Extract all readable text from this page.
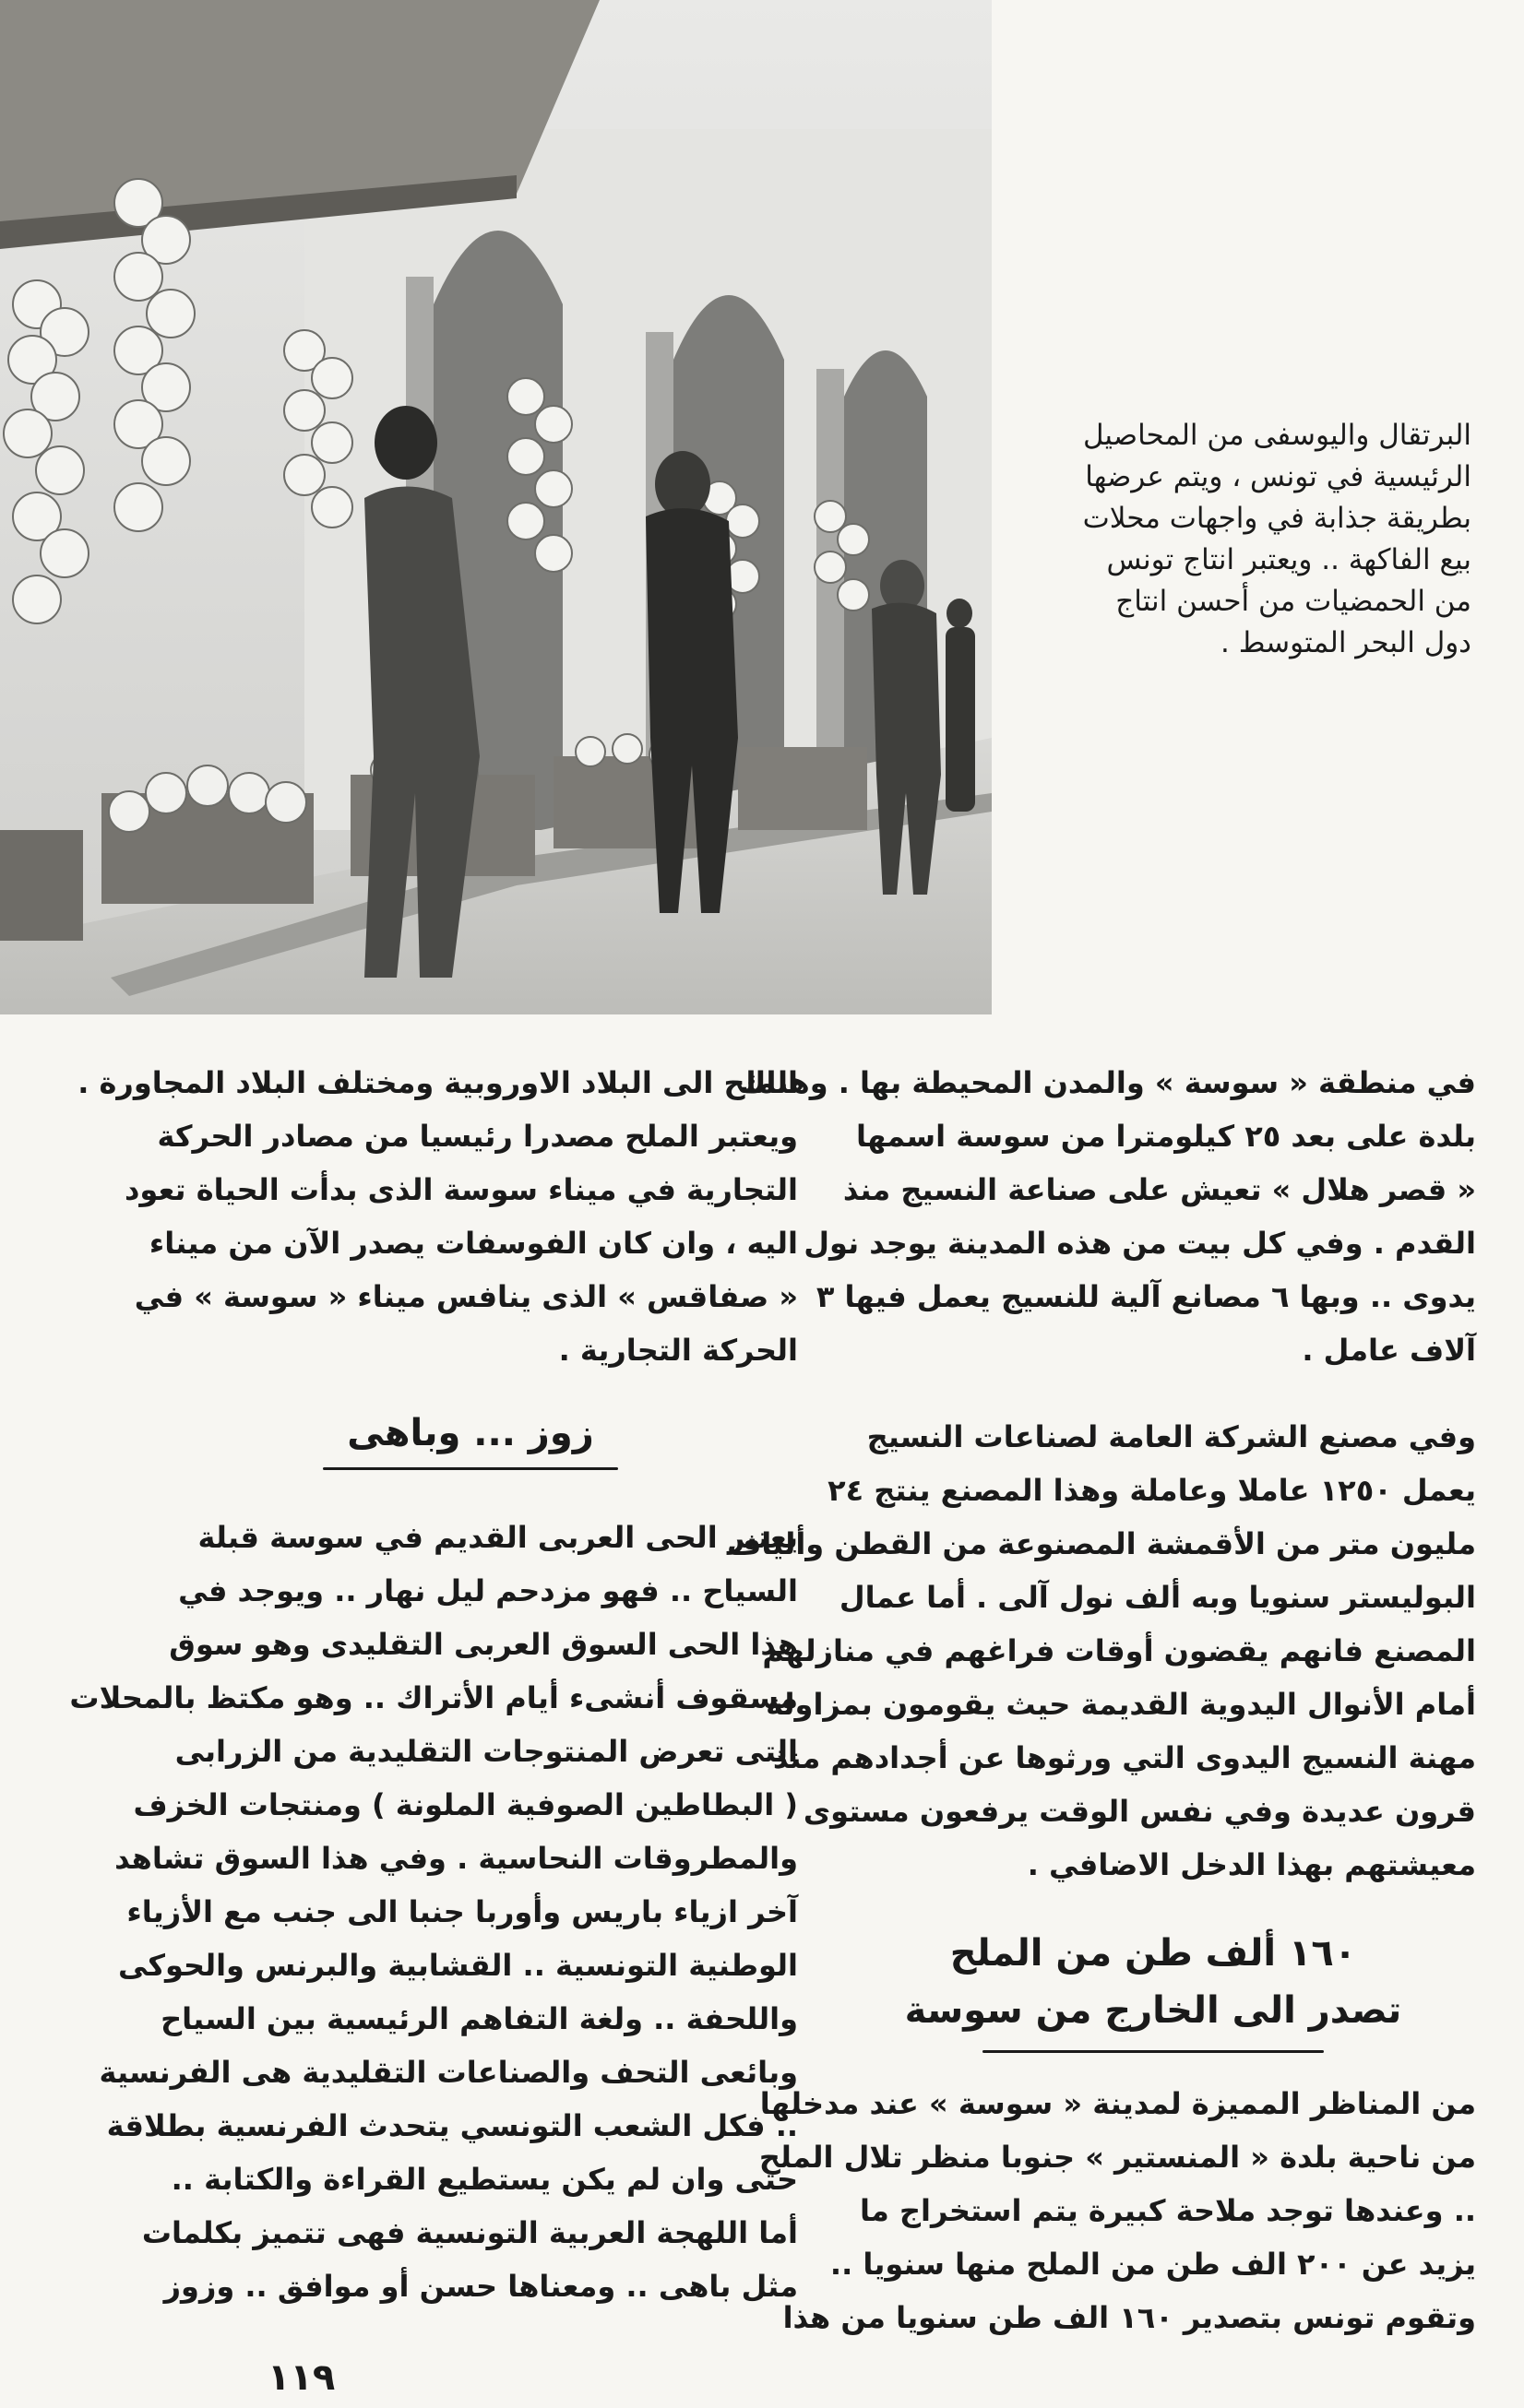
البرتقال واليوسفى من المحاصيل
الرئيسية في تونس ، ويتم عرضها
بطريقة جذابة في واجهات محلات
بيع الفاكهة .. ويعتبر انتاج تونس
من الحمضيات من أحسن انتاج
دول البحر المتوسط .
في منطقة « سوسة » والمدن المحيطة بها . وهناك
بلدة على بعد ٢٥ كيلومترا من سوسة اسمها
« قصر هلال » تعيش على صناعة النسيج منذ
القدم . وفي كل بيت من هذه المدينة يوجد نول
يدوى .. وبها ٦ مصانع آلية للنسيج يعمل فيها ٣
آلاف عامل .
وفي مصنع الشركة العامة لصناعات النسيج
يعمل ١٢٥٠ عاملا وعاملة وهذا المصنع ينتج ٢٤
مليون متر من الأقمشة المصنوعة من القطن وألياف
البوليستر سنويا وبه ألف نول آلى . أما عمال
المصنع فانهم يقضون أوقات فراغهم في منازلهم
أمام الأنوال اليدوية القديمة حيث يقومون بمزاولة
مهنة النسيج اليدوى التي ورثوها عن أجدادهم منذ
قرون عديدة وفي نفس الوقت يرفعون مستوى
معيشتهم بهذا الدخل الاضافي .
١٦٠ ألف طن من الملح
تصدر الى الخارج من سوسة
من المناظر المميزة لمدينة « سوسة » عند مدخلها
من ناحية بلدة « المنستير » جنوبا منظر تلال الملح
.. وعندها توجد ملاحة كبيرة يتم استخراج ما
يزيد عن ٢٠٠ الف طن من الملح منها سنويا ..
وتقوم تونس بتصدير ١٦٠ الف طن سنويا من هذا
الملح الى البلاد الاوروبية ومختلف البلاد المجاورة .
ويعتبر الملح مصدرا رئيسيا من مصادر الحركة
التجارية في ميناء سوسة الذى بدأت الحياة تعود
اليه ، وان كان الفوسفات يصدر الآن من ميناء
« صفاقس » الذى ينافس ميناء « سوسة » في
الحركة التجارية .
زوز ... وباهى
يعتبر الحى العربى القديم في سوسة قبلة
السياح .. فهو مزدحم ليل نهار .. ويوجد في
هذا الحى السوق العربى التقليدى وهو سوق
مسقوف أنشىء أيام الأتراك .. وهو مكتظ بالمحلات
التى تعرض المنتوجات التقليدية من الزرابى
( البطاطين الصوفية الملونة ) ومنتجات الخزف
والمطروقات النحاسية . وفي هذا السوق تشاهد
آخر ازياء باريس وأوربا جنبا الى جنب مع الأزياء
الوطنية التونسية .. القشابية والبرنس والحوكى
واللحفة .. ولغة التفاهم الرئيسية بين السياح
وبائعى التحف والصناعات التقليدية هى الفرنسية
.. فكل الشعب التونسي يتحدث الفرنسية بطلاقة
حتى وان لم يكن يستطيع القراءة والكتابة ..
أما اللهجة العربية التونسية فهى تتميز بكلمات
مثل باهى .. ومعناها حسن أو موافق .. وزوز
١١٩
